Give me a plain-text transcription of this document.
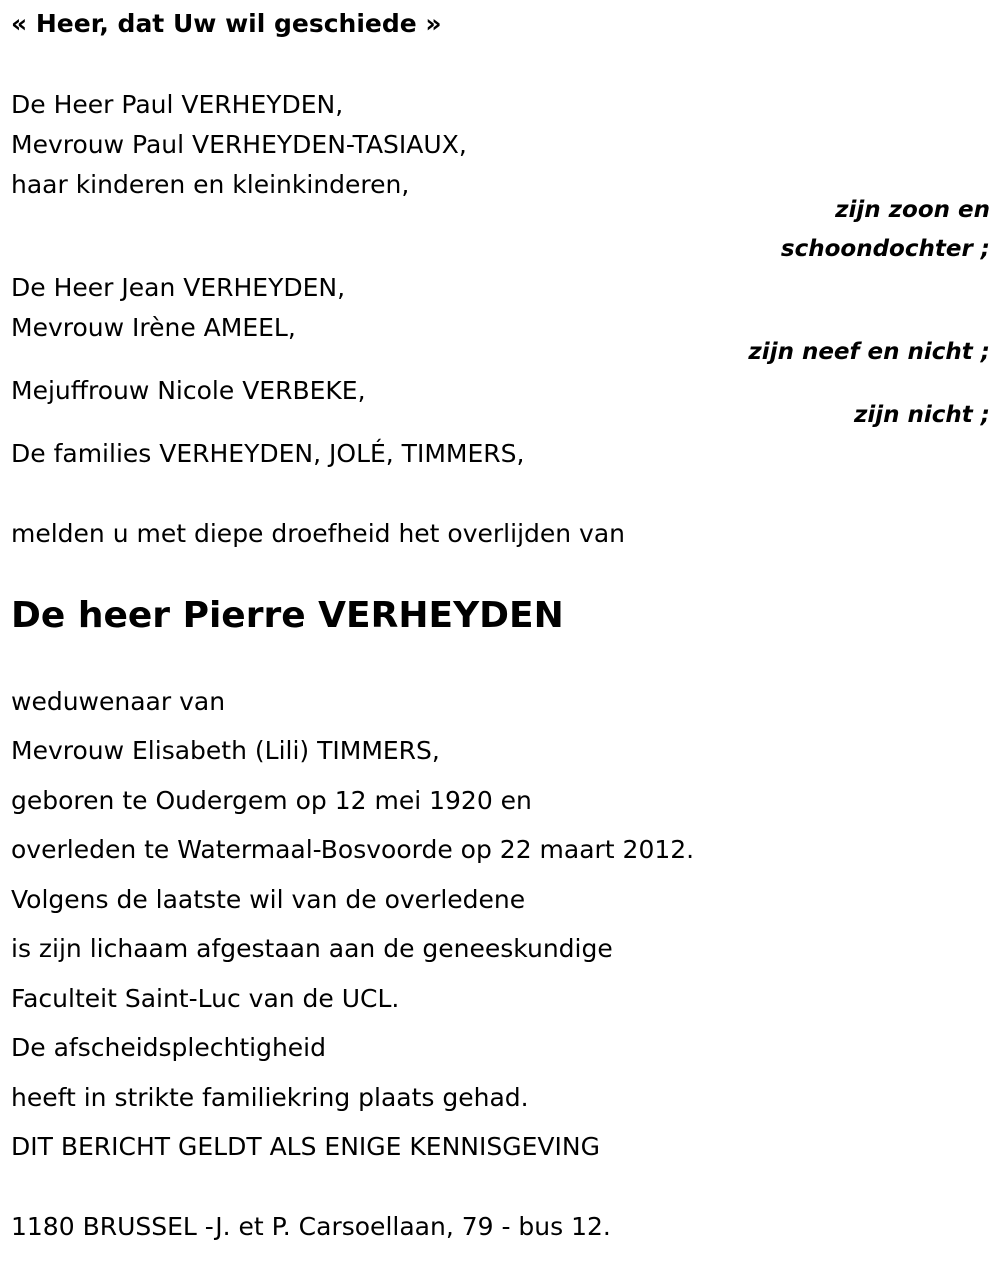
« Heer, dat Uw wil geschiede »
De Heer Paul VERHEYDEN,
Mevrouw Paul VERHEYDEN-TASIAUX,
haar kinderen en kleinkinderen,
zijn zoon en
schoondochter ;
De Heer Jean VERHEYDEN,
Mevrouw Irène AMEEL,
zijn neef en nicht ;
Mejuffrouw Nicole VERBEKE,
zijn nicht ;
De families VERHEYDEN, JOLÉ, TIMMERS,
melden u met diepe droefheid het overlijden van
De heer Pierre VERHEYDEN
weduwenaar van
Mevrouw Elisabeth (Lili) TIMMERS,
geboren te Oudergem op 12 mei 1920 en
overleden te Watermaal-Bosvoorde op 22 maart 2012.
Volgens de laatste wil van de overledene
is zijn lichaam afgestaan aan de geneeskundige
Faculteit Saint-Luc van de UCL.
De afscheidsplechtigheid
heeft in strikte familiekring plaats gehad.
DIT BERICHT GELDT ALS ENIGE KENNISGEVING
1180 BRUSSEL -J. et P. Carsoellaan, 79 - bus 12.
